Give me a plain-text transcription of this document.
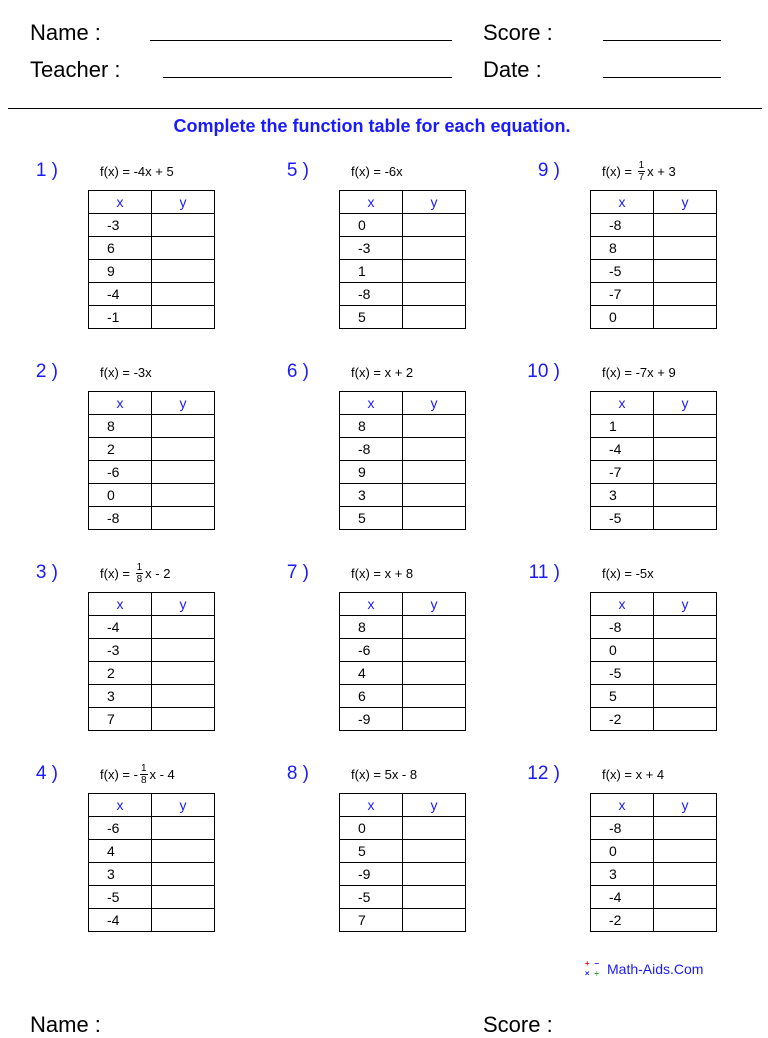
Name :	Score :
Teacher :	Date :
Complete the function table for each equation.
1 )	f(x) = -4x + 5
x	y
-3	
6	
9	
-4	
-1	
2 )	f(x) = -3x
x	y
8	
2	
-6	
0	
-8	
3 )	$f(x) = \frac{1}{8}$ x - 2
x	y
-4	
-3	
2	
3	
7	
4 )	f(x) = - $\frac{1}{8}$ x - 4
x	y
-6	
4	
3	
-5	
-4	
5 )	f(x) = -6x
x	y
0	
-3	
1	
-8	
5	
6 )	f(x) = x + 2
x	y
8	
-8	
9	
3	
5	
7 )	f(x) = x + 8
x	y
8	
-6	
4	
6	
-9	
8 )	f(x) = 5x - 8
x	y
0	
5	
-9	
-5	
7	
9 )	$f(x) = \frac{1}{7}$ x + 3
x	y
-8	
8	
-5	
-7	
0	
10 )	f(x) = -7x + 9
x	y
1	
-4	
-7	
3	
-5	
11 )	f(x) = -5x
x	y
-8	
0	
-5	
5	
-2	
12 )	f(x) = x + 4
x	y
-8	
0	
3	
-4	
-2	
+ −
× ÷ Math-Aids.Com
Name :	Score :
